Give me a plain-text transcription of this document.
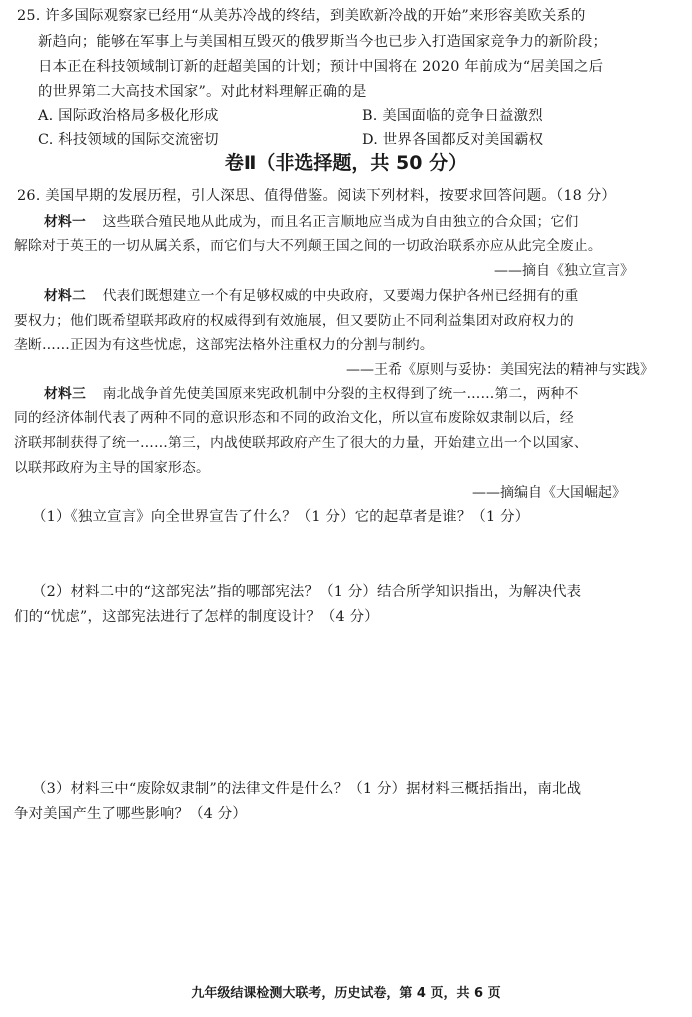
25. 许多国际观察家已经用“从美苏冷战的终结，到美欧新冷战的开始”来形容美欧关系的
新趋向；能够在军事上与美国相互毁灭的俄罗斯当今也已步入打造国家竞争力的新阶段；
日本正在科技领域制订新的赶超美国的计划；预计中国将在 2020 年前成为“居美国之后
的世界第二大高技术国家”。对此材料理解正确的是
A. 国际政治格局多极化形成	B. 美国面临的竞争日益激烈
C. 科技领域的国际交流密切	D. 世界各国都反对美国霸权
卷Ⅱ（非选择题，共 50 分）
26. 美国早期的发展历程，引人深思、值得借鉴。阅读下列材料，按要求回答问题。（18 分）
材料一 这些联合殖民地从此成为，而且名正言顺地应当成为自由独立的合众国；它们
解除对于英王的一切从属关系，而它们与大不列颠王国之间的一切政治联系亦应从此完全废止。
——摘自《独立宣言》
材料二 代表们既想建立一个有足够权威的中央政府，又要竭力保护各州已经拥有的重
要权力；他们既希望联邦政府的权威得到有效施展，但又要防止不同利益集团对政府权力的
垄断……正因为有这些忧虑，这部宪法格外注重权力的分割与制约。
——王希《原则与妥协：美国宪法的精神与实践》
材料三 南北战争首先使美国原来宪政机制中分裂的主权得到了统一……第二，两种不
同的经济体制代表了两种不同的意识形态和不同的政治文化，所以宣布废除奴隶制以后，经
济联邦制获得了统一……第三，内战使联邦政府产生了很大的力量，开始建立出一个以国家、
以联邦政府为主导的国家形态。
——摘编自《大国崛起》
（1）《独立宣言》向全世界宣告了什么？（1 分）它的起草者是谁？（1 分）
（2）材料二中的“这部宪法”指的哪部宪法？（1 分）结合所学知识指出，为解决代表
们的“忧虑”，这部宪法进行了怎样的制度设计？（4 分）
（3）材料三中“废除奴隶制”的法律文件是什么？（1 分）据材料三概括指出，南北战
争对美国产生了哪些影响？（4 分）
九年级结课检测大联考，历史试卷，第 4 页，共 6 页
